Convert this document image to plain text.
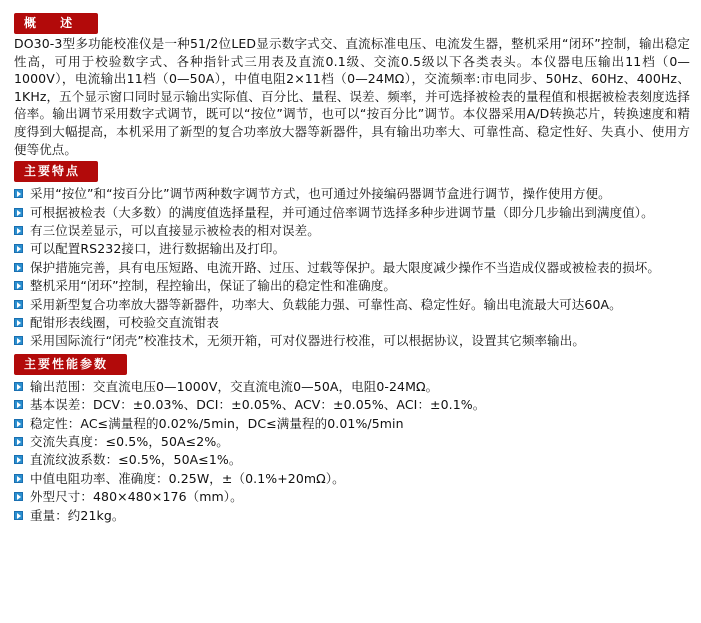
概 述

DO30-3型多功能校准仪是一种51/2位LED显示数字式交、直流标准电压、电流发生器，整机采用“闭环”控制，输出稳定性高，可用于校验数字式、各种指针式三用表及直流0.1级、交流0.5级以下各类表头。本仪器电压输出11档（0—1000V），电流输出11档（0—50A），中值电阻2×11档（0—24MΩ），交流频率:市电同步、50Hz、60Hz、400Hz、1KHz，五个显示窗口同时显示输出实际值、百分比、量程、误差、频率，并可选择被检表的量程值和根据被检表刻度选择倍率。输出调节采用数字式调节，既可以“按位”调节，也可以“按百分比”调节。本仪器采用A/D转换芯片，转换速度和精度得到大幅提高，本机采用了新型的复合功率放大器等新器件，具有输出功率大、可靠性高、稳定性好、失真小、使用方便等优点。

主要特点
采用“按位”和“按百分比”调节两种数字调节方式，也可通过外接编码器调节盒进行调节，操作使用方便。
可根据被检表（大多数）的满度值选择量程，并可通过倍率调节选择多种步进调节量（即分几步输出到满度值）。
有三位误差显示，可以直接显示被检表的相对误差。
可以配置RS232接口，进行数据输出及打印。
保护措施完善，具有电压短路、电流开路、过压、过载等保护。最大限度减少操作不当造成仪器或被检表的损坏。
整机采用“闭环”控制，程控输出，保证了输出的稳定性和准确度。
采用新型复合功率放大器等新器件，功率大、负载能力强、可靠性高、稳定性好。输出电流最大可达60A。
配钳形表线圈，可校验交直流钳表
采用国际流行“闭壳”校准技术，无须开箱，可对仪器进行校准，可以根据协议，设置其它频率输出。
主要性能参数
输出范围：交直流电压0—1000V，交直流电流0—50A，电阻0-24MΩ。
基本误差：DCV：±0.03%、DCI：±0.05%、ACV：±0.05%、ACI：±0.1%。
稳定性：AC≤满量程的0.02%/5min，DC≤满量程的0.01%/5min
交流失真度：≤0.5%，50A≤2%。
直流纹波系数：≤0.5%，50A≤1%。
中值电阻功率、准确度：0.25W，±（0.1%+20mΩ）。
外型尺寸：480×480×176（mm）。
重量：约21kg。
